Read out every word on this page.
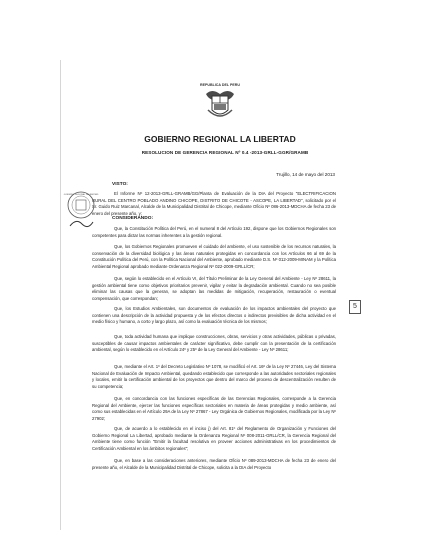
REPUBLICA DEL PERU
GOBIERNO REGIONAL LA LIBERTAD
RESOLUCION DE GERENCIA REGIONAL Nº 0.4 -2013-GRLL-GGR/GRAMB
Trujillo, 14 de mayo del 2013
VISTO:
El Informe Nº 12-2013-GRLL-GRAMB/GG/Planta de Evaluación de la DIA del Proyecto "ELECTRIFICACION RURAL DEL CENTRO POBLADO ANDINO CHICOPE, DISTRITO DE CHICOTE - ASCOPE, LA LIBERTAD", solicitado por el Sr. Guido Ruiz Marcanal, Alcalde de la Municipalidad Distrital de Chicope, mediante Oficio Nº 086-2013-MDCHA de fecha 23 de enero del presente año, y;
GOBIERNO REGIONAL LA LIBERTAD
CONSIDERANDO:
Que, la Constitución Política del Perú, en el numeral 8 del Artículo 192, dispone que los Gobiernos Regionales son competentes para dictar las normas inherentes a la gestión regional.
Que, los Gobiernos Regionales promueven el cuidado del ambiente, el uso sostenible de los recursos naturales, la conservación de la diversidad biológica y las áreas naturales protegidas en concordancia con los Artículos 66 al 69 de la Constitución Política del Perú, con la Política Nacional del Ambiente, aprobado mediante D.S. Nº 012-2009-MINAM y la Política Ambiental Regional aprobado mediante Ordenanza Regional Nº 022-2009-GRLL/CR;
Que, según lo establecido en el Artículo VI, del Título Preliminar de la Ley General del Ambiente - Ley Nº 28611, la gestión ambiental tiene como objetivos prioritarios prevenir, vigilar y evitar la degradación ambiental. Cuando no sea posible eliminar las causas que la generan, se adoptan las medidas de mitigación, recuperación, restauración o eventual compensación, que correspondan;
Que, los Estudios Ambientales, son documentos de evaluación de los impactos ambientales del proyecto que contienen una descripción de la actividad propuesta y de los efectos directos o indirectos previsibles de dicha actividad en el medio físico y humano, a corto y largo plazo, así como la evaluación técnica de los mismos;
Que, toda actividad humana que implique construcciones, obras, servicios y otras actividades, públicas o privadas, susceptibles de causar impactos ambientales de carácter significativo, debe cumplir con la presentación de la certificación ambiental, según lo establecido en el Artículo 24º y 25º de la Ley General del Ambiente - Ley Nº 28611;
Que, mediante el Art. 1º del Decreto Legislativo Nº 1078, se modificó el Art. 16º de la Ley Nº 27446, Ley del Sistema Nacional de Evaluación de Impacto Ambiental, quedando establecido que corresponde a las autoridades sectoriales regionales y locales, emitir la certificación ambiental de los proyectos que dentro del marco del proceso de descentralización resulten de su competencia;
Que, en concordancia con las funciones específicas de las Gerencias Regionales, corresponde a la Gerencia Regional del Ambiente, ejercer las funciones específicas sectoriales en materia de áreas protegidas y medio ambiente, así como sus establecidas en el Artículo 29A de la Ley Nº 27867 - Ley Orgánica de Gobiernos Regionales, modificada por la Ley Nº 27902;
Que, de acuerdo a lo establecido en el inciso j) del Art. 81º del Reglamento de Organización y Funciones del Gobierno Regional La Libertad, aprobado mediante la Ordenanza Regional Nº 008-2011-GRLL/CR, la Gerencia Regional del Ambiente tiene como función "Emitir la facultad resolutiva en proveer acciones administrativas en los procedimientos de Certificación Ambiental en los ámbitos regionales";
Que, en base a las consideraciones anteriores, mediante Oficio Nº 089-2013-MDCHA de fecha 23 de enero del presente año, el Alcalde de la Municipalidad Distrital de Chicope, solicita a la DIA del Proyecto
5
